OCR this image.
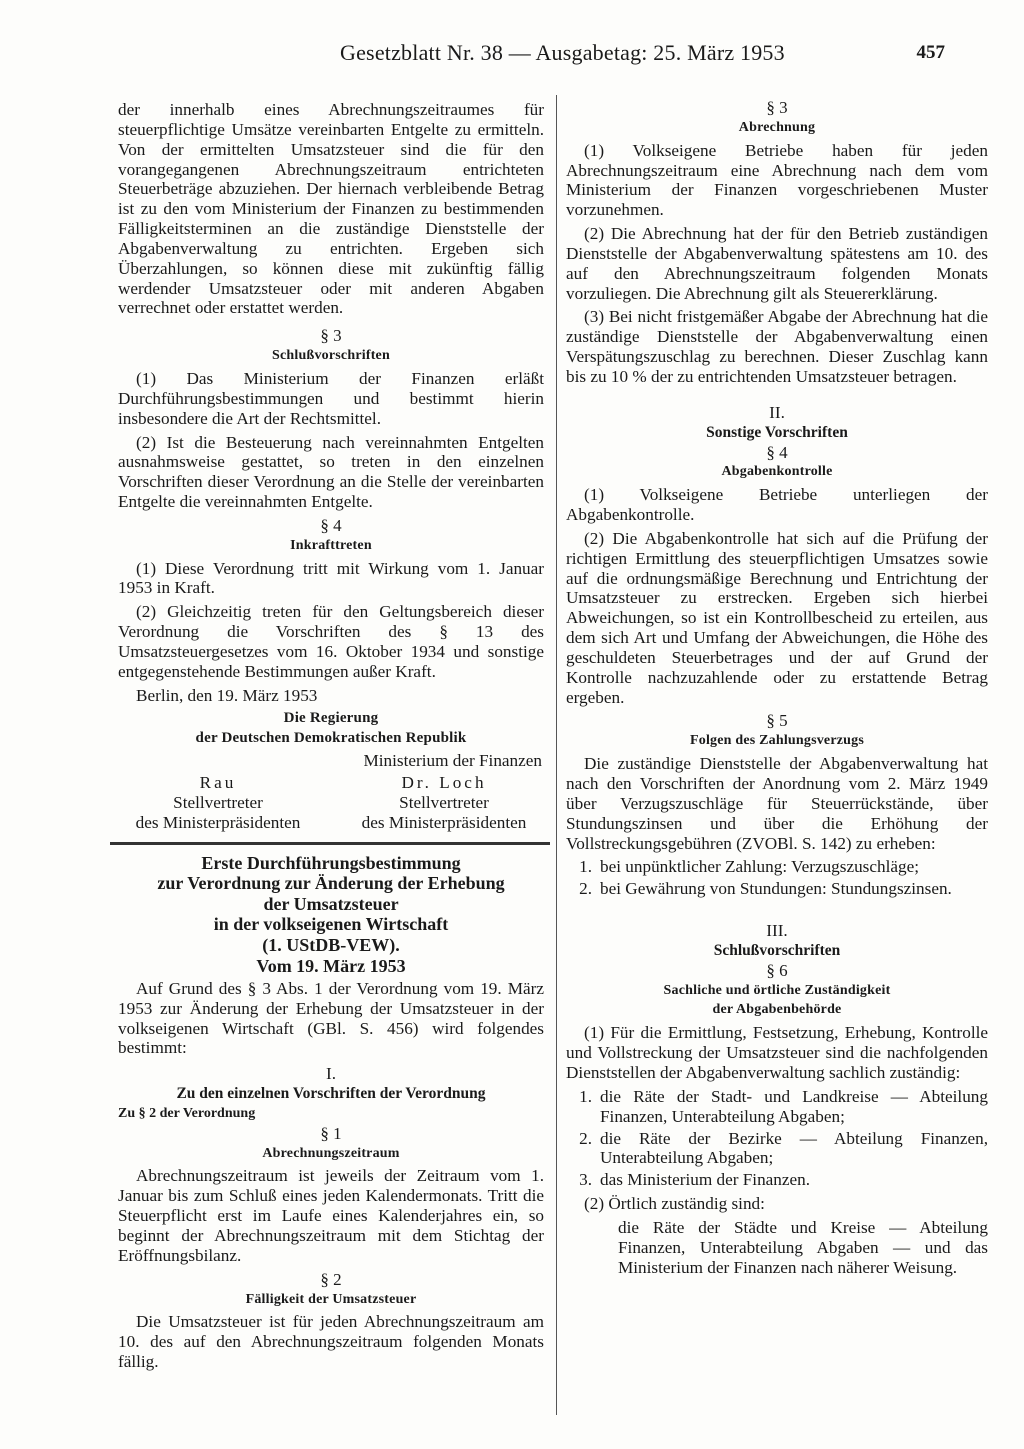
Gesetzblatt Nr. 38 — Ausgabetag: 25. März 1953	457

der innerhalb eines Abrechnungszeitraumes für steuerpflichtige Umsätze vereinbarten Entgelte zu ermitteln. Von der ermittelten Umsatzsteuer sind die für den vorangegangenen Abrechnungszeitraum entrichteten Steuerbeträge abzuziehen. Der hiernach verbleibende Betrag ist zu den vom Ministerium der Finanzen zu bestimmenden Fälligkeitsterminen an die zuständige Dienststelle der Abgabenverwaltung zu entrichten. Ergeben sich Überzahlungen, so können diese mit zukünftig fällig werdender Umsatzsteuer oder mit anderen Abgaben verrechnet oder erstattet werden.

§ 3
Schlußvorschriften

(1) Das Ministerium der Finanzen erläßt Durchführungsbestimmungen und bestimmt hierin insbesondere die Art der Rechtsmittel.

(2) Ist die Besteuerung nach vereinnahmten Entgelten ausnahmsweise gestattet, so treten in den einzelnen Vorschriften dieser Verordnung an die Stelle der vereinbarten Entgelte die vereinnahmten Entgelte.

§ 4
Inkrafttreten

(1) Diese Verordnung tritt mit Wirkung vom 1. Januar 1953 in Kraft.

(2) Gleichzeitig treten für den Geltungsbereich dieser Verordnung die Vorschriften des § 13 des Umsatzsteuergesetzes vom 16. Oktober 1934 und sonstige entgegenstehende Bestimmungen außer Kraft.

Berlin, den 19. März 1953

Die Regierung
der Deutschen Demokratischen Republik
Ministerium der Finanzen
Rau
Stellvertreter
des Ministerpräsidenten
Dr. Loch
Stellvertreter
des Ministerpräsidenten
Erste Durchführungsbestimmung
zur Verordnung zur Änderung der Erhebung
der Umsatzsteuer
in der volkseigenen Wirtschaft
(1. UStDB-VEW).
Vom 19. März 1953

Auf Grund des § 3 Abs. 1 der Verordnung vom 19. März 1953 zur Änderung der Erhebung der Umsatzsteuer in der volkseigenen Wirtschaft (GBl. S. 456) wird folgendes bestimmt:

I.
Zu den einzelnen Vorschriften der Verordnung
Zu § 2 der Verordnung
§ 1
Abrechnungszeitraum

Abrechnungszeitraum ist jeweils der Zeitraum vom 1. Januar bis zum Schluß eines jeden Kalendermonats. Tritt die Steuerpflicht erst im Laufe eines Kalenderjahres ein, so beginnt der Abrechnungszeitraum mit dem Stichtag der Eröffnungsbilanz.

§ 2
Fälligkeit der Umsatzsteuer

Die Umsatzsteuer ist für jeden Abrechnungszeitraum am 10. des auf den Abrechnungszeitraum folgenden Monats fällig.

§ 3
Abrechnung

(1) Volkseigene Betriebe haben für jeden Abrechnungszeitraum eine Abrechnung nach dem vom Ministerium der Finanzen vorgeschriebenen Muster vorzunehmen.

(2) Die Abrechnung hat der für den Betrieb zuständigen Dienststelle der Abgabenverwaltung spätestens am 10. des auf den Abrechnungszeitraum folgenden Monats vorzuliegen. Die Abrechnung gilt als Steuererklärung.

(3) Bei nicht fristgemäßer Abgabe der Abrechnung hat die zuständige Dienststelle der Abgabenverwaltung einen Verspätungszuschlag zu berechnen. Dieser Zuschlag kann bis zu 10 % der zu entrichtenden Umsatzsteuer betragen.

II.
Sonstige Vorschriften
§ 4
Abgabenkontrolle

(1) Volkseigene Betriebe unterliegen der Abgabenkontrolle.

(2) Die Abgabenkontrolle hat sich auf die Prüfung der richtigen Ermittlung des steuerpflichtigen Umsatzes sowie auf die ordnungsmäßige Berechnung und Entrichtung der Umsatzsteuer zu erstrecken. Ergeben sich hierbei Abweichungen, so ist ein Kontrollbescheid zu erteilen, aus dem sich Art und Umfang der Abweichungen, die Höhe des geschuldeten Steuerbetrages und der auf Grund der Kontrolle nachzuzahlende oder zu erstattende Betrag ergeben.

§ 5
Folgen des Zahlungsverzugs

Die zuständige Dienststelle der Abgabenverwaltung hat nach den Vorschriften der Anordnung vom 2. März 1949 über Verzugszuschläge für Steuerrückstände, über Stundungszinsen und über die Erhöhung der Vollstreckungsgebühren (ZVOBl. S. 142) zu erheben:

1. bei unpünktlicher Zahlung: Verzugszuschläge;
2. bei Gewährung von Stundungen: Stundungszinsen.
III.
Schlußvorschriften
§ 6
Sachliche und örtliche Zuständigkeit
der Abgabenbehörde

(1) Für die Ermittlung, Festsetzung, Erhebung, Kontrolle und Vollstreckung der Umsatzsteuer sind die nachfolgenden Dienststellen der Abgabenverwaltung sachlich zuständig:

1. die Räte der Stadt- und Landkreise — Abteilung Finanzen, Unterabteilung Abgaben;
2. die Räte der Bezirke — Abteilung Finanzen, Unterabteilung Abgaben;
3. das Ministerium der Finanzen.

(2) Örtlich zuständig sind:

die Räte der Städte und Kreise — Abteilung Finanzen, Unterabteilung Abgaben — und das Ministerium der Finanzen nach näherer Weisung.
